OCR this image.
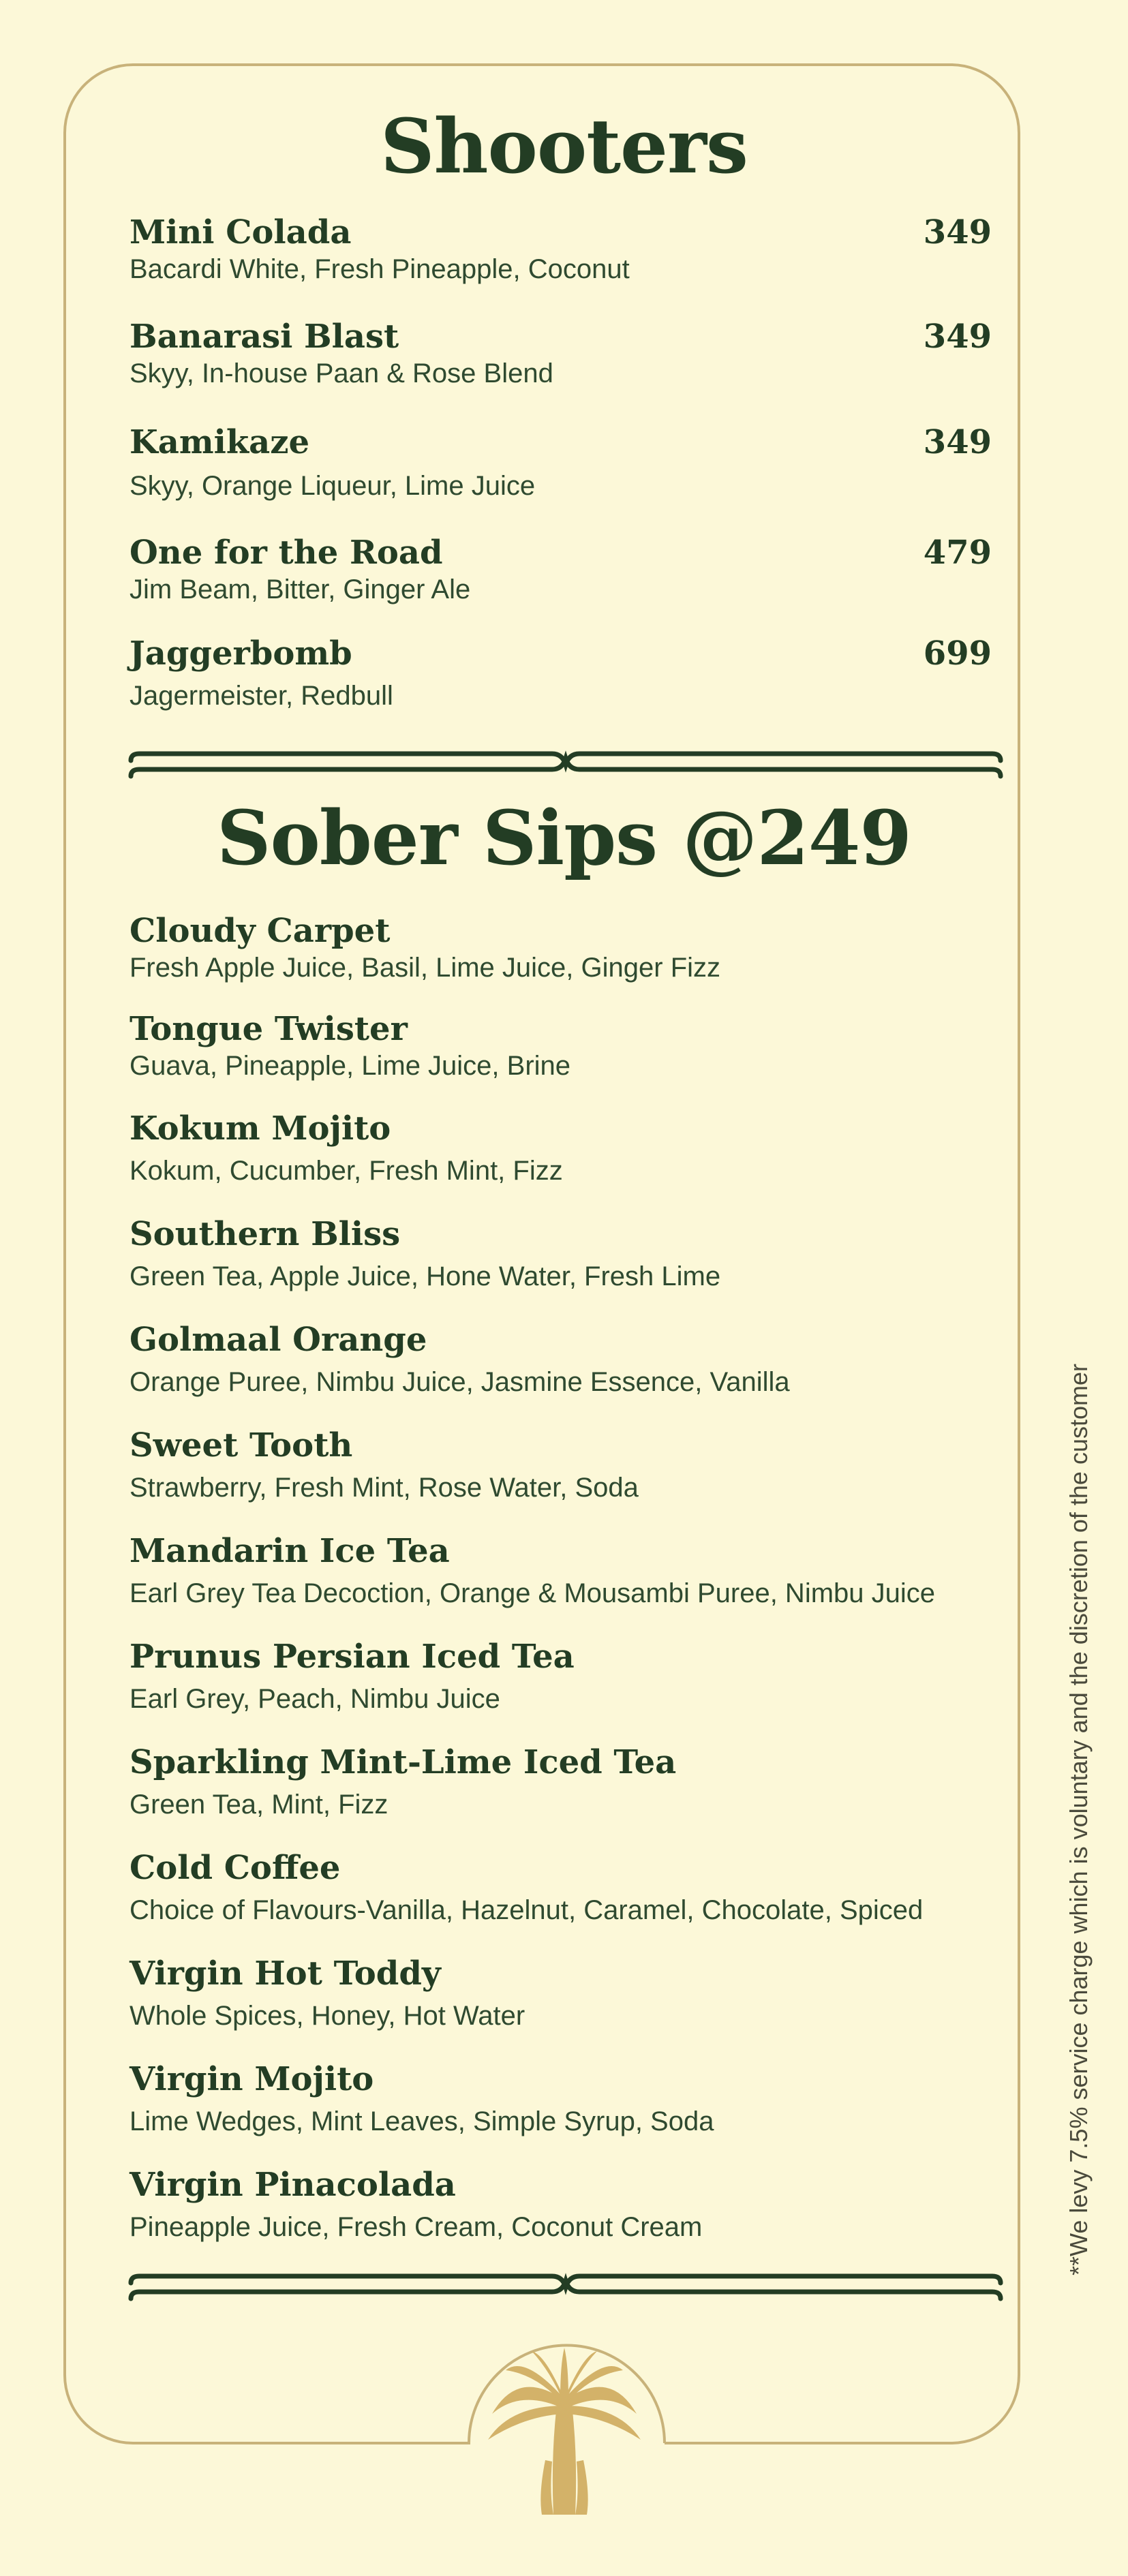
Shooters
Sober Sips @249
Mini Colada	349
Bacardi White, Fresh Pineapple, Coconut
Banarasi Blast	349
Skyy, In-house Paan & Rose Blend
Kamikaze	349
Skyy, Orange Liqueur, Lime Juice
One for the Road	479
Jim Beam, Bitter, Ginger Ale
Jaggerbomb	699
Jagermeister, Redbull
Cloudy Carpet
Fresh Apple Juice, Basil, Lime Juice, Ginger Fizz
Tongue Twister
Guava, Pineapple, Lime Juice, Brine
Kokum Mojito
Kokum, Cucumber, Fresh Mint, Fizz
Southern Bliss
Green Tea, Apple Juice, Hone Water, Fresh Lime
Golmaal Orange
Orange Puree, Nimbu Juice, Jasmine Essence, Vanilla
Sweet Tooth
Strawberry, Fresh Mint, Rose Water, Soda
Mandarin Ice Tea
Earl Grey Tea Decoction, Orange & Mousambi Puree, Nimbu Juice
Prunus Persian Iced Tea
Earl Grey, Peach, Nimbu Juice
Sparkling Mint-Lime Iced Tea
Green Tea, Mint, Fizz
Cold Coffee
Choice of Flavours-Vanilla, Hazelnut, Caramel, Chocolate, Spiced
Virgin Hot Toddy
Whole Spices, Honey, Hot Water
Virgin Mojito
Lime Wedges, Mint Leaves, Simple Syrup, Soda
Virgin Pinacolada
Pineapple Juice, Fresh Cream, Coconut Cream	**We levy 7.5% service charge which is voluntary and the discretion of the customer
